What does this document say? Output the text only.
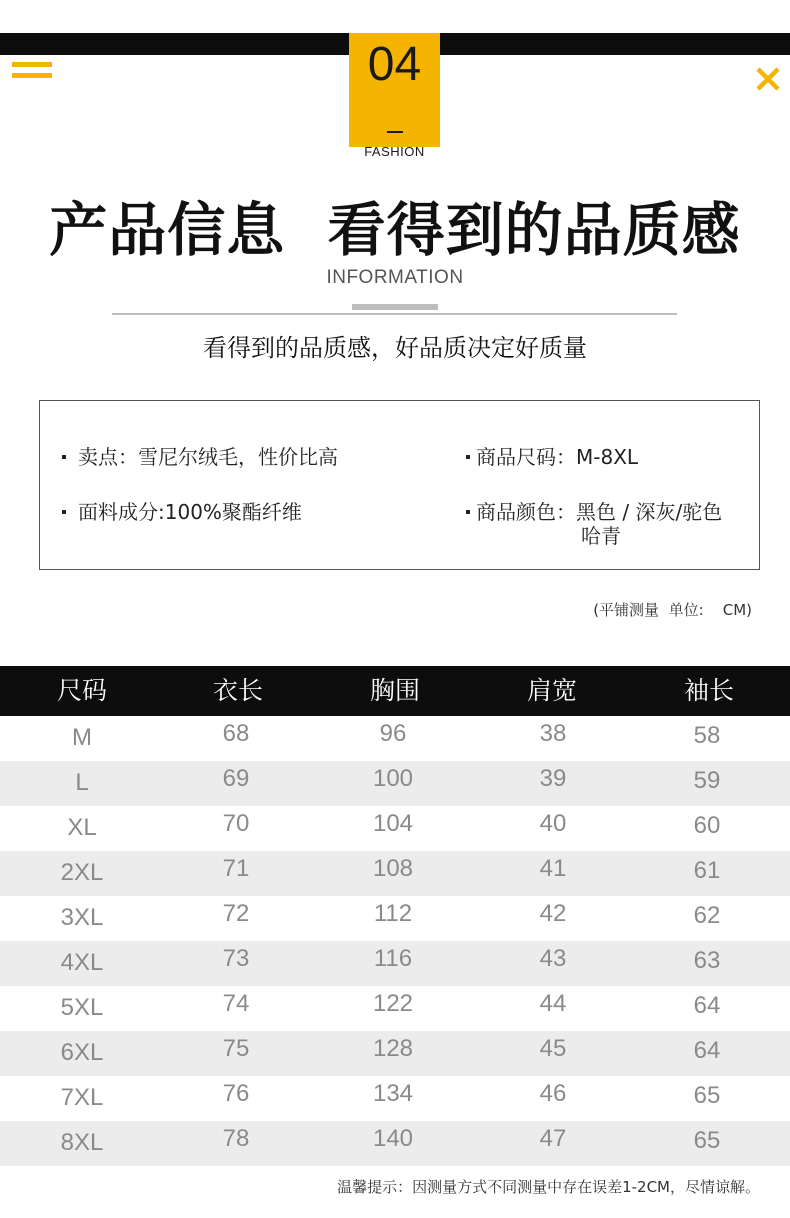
04
FASHION
产品信息  看得到的品质感
INFORMATION
看得到的品质感，好品质决定好质量
卖点：雪尼尔绒毛，性价比高	商品尺码：M-8XL
面料成分:100%聚酯纤维	商品颜色：黑色 / 深灰/驼色
哈青
(平铺测量  单位:    CM)
尺码	衣长	胸围	肩宽	袖长
M	68	96	38	58
L	69	100	39	59
XL	70	104	40	60
2XL	71	108	41	61
3XL	72	112	42	62
4XL	73	116	43	63
5XL	74	122	44	64
6XL	75	128	45	64
7XL	76	134	46	65
8XL	78	140	47	65
温馨提示：因测量方式不同测量中存在误差1-2CM，尽情谅解。
